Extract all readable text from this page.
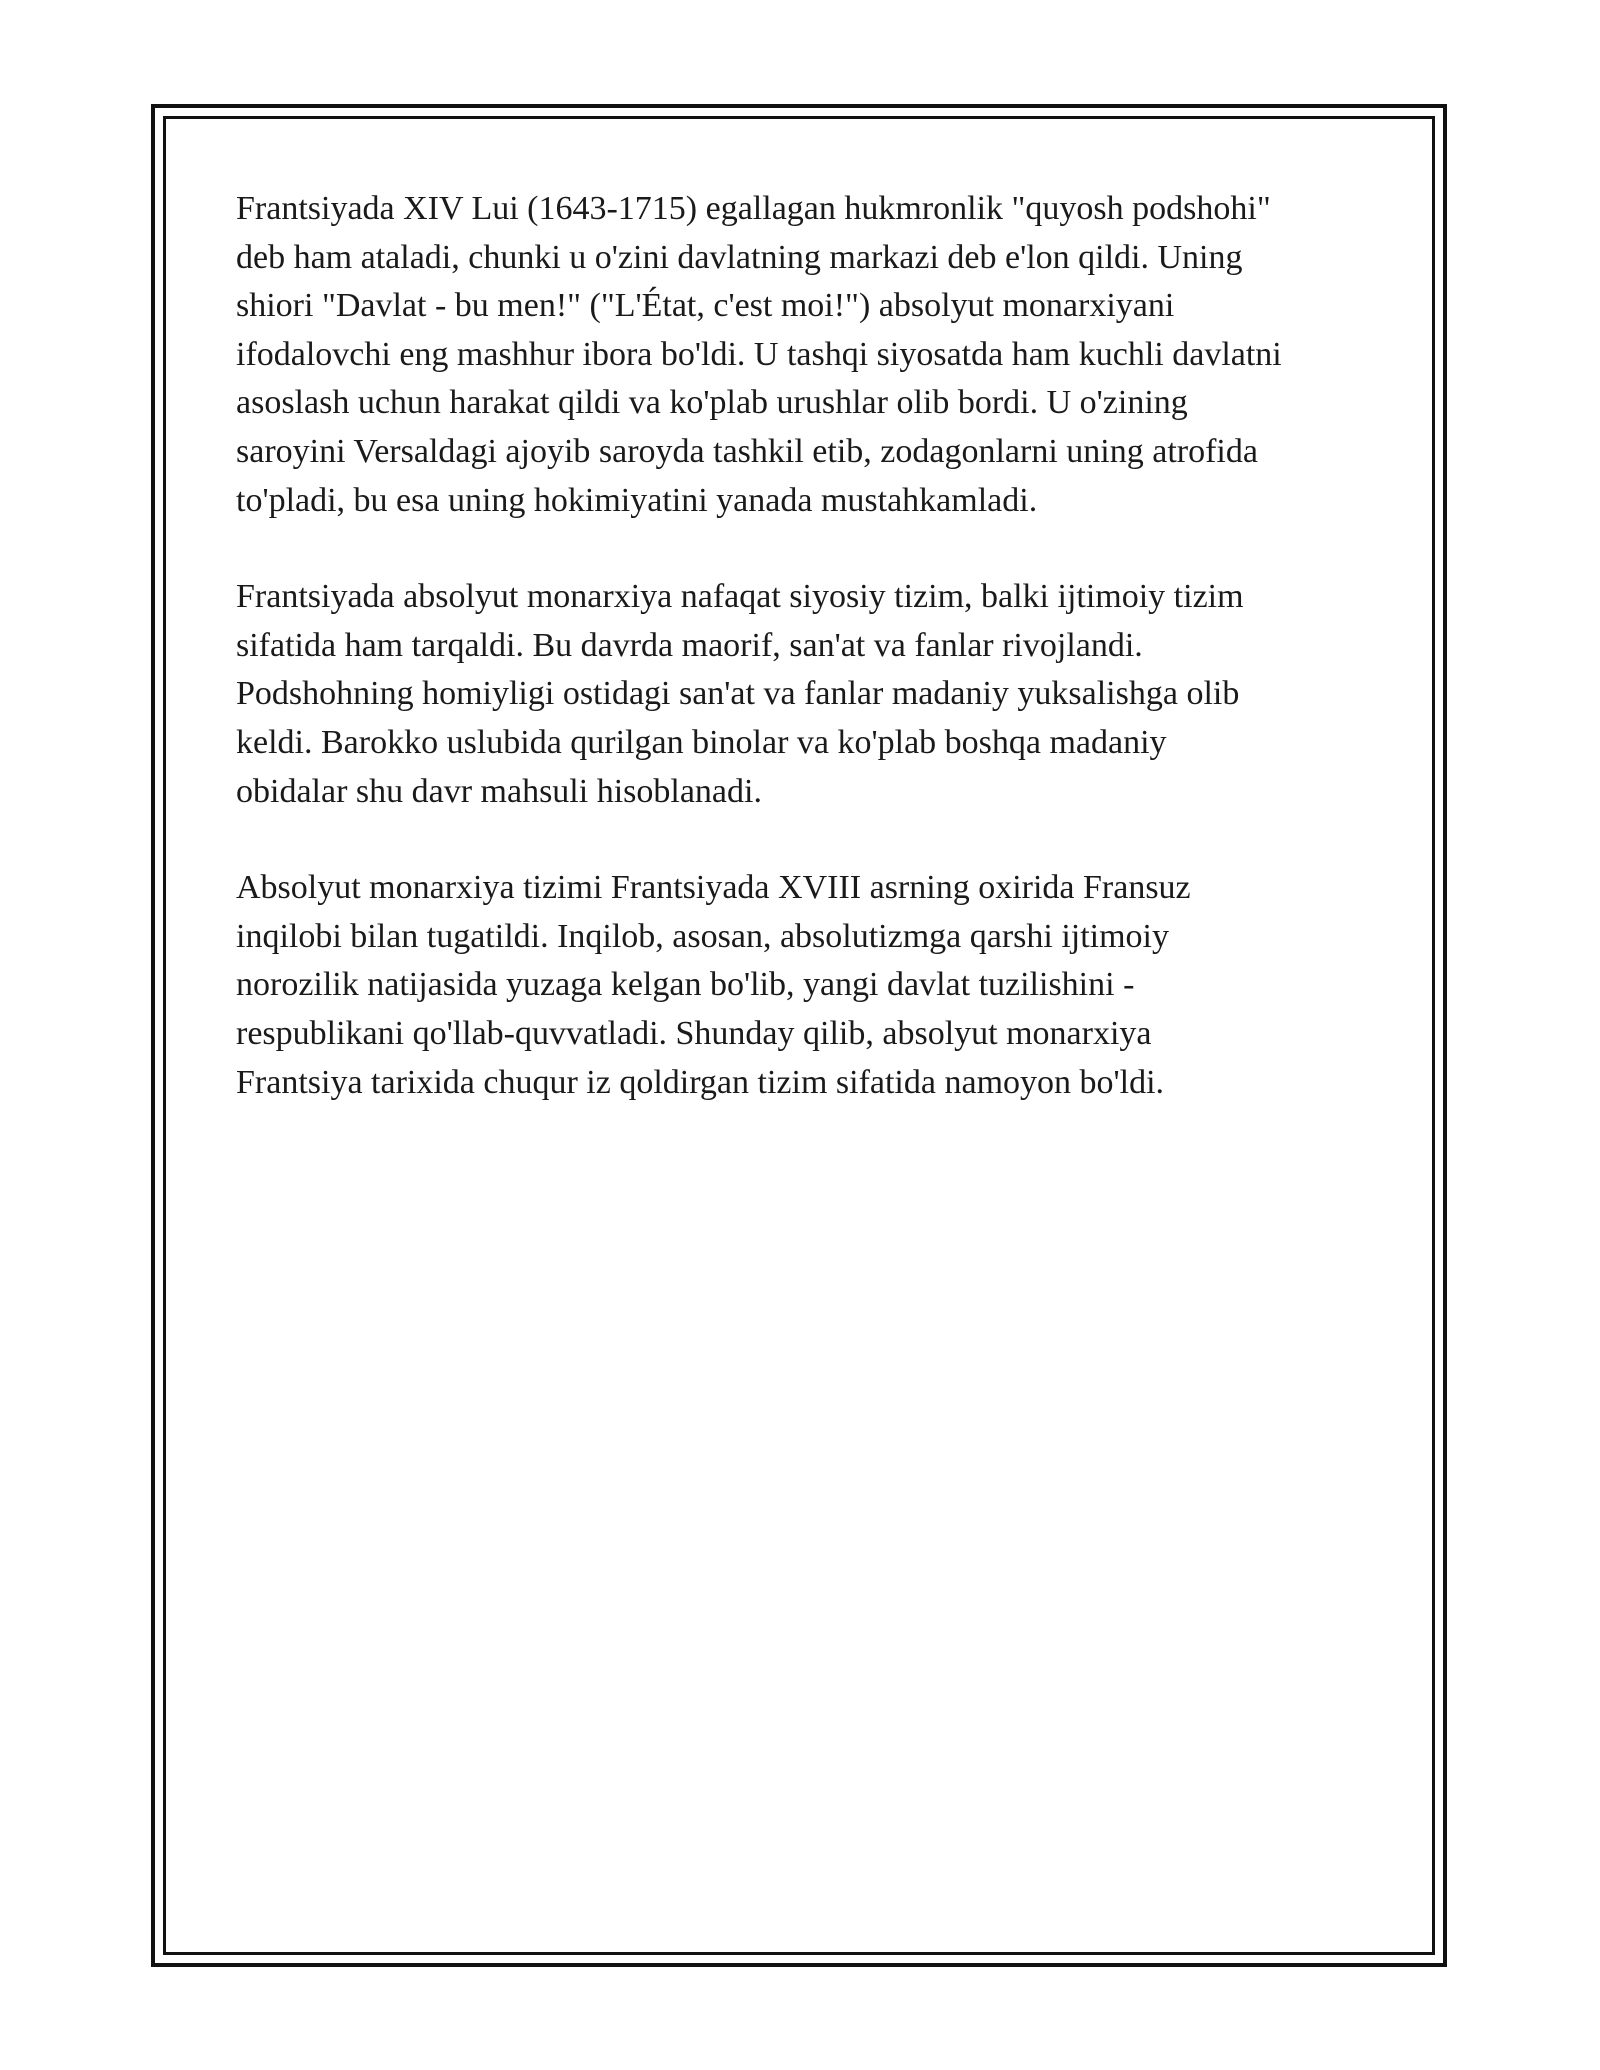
Frantsiyada XIV Lui (1643-1715) egallagan hukmronlik "quyosh podshohi"
deb ham ataladi, chunki u o'zini davlatning markazi deb e'lon qildi. Uning
shiori "Davlat - bu men!" ("L'État, c'est moi!") absolyut monarxiyani
ifodalovchi eng mashhur ibora bo'ldi. U tashqi siyosatda ham kuchli davlatni
asoslash uchun harakat qildi va ko'plab urushlar olib bordi. U o'zining
saroyini Versaldagi ajoyib saroyda tashkil etib, zodagonlarni uning atrofida
to'pladi, bu esa uning hokimiyatini yanada mustahkamladi.

Frantsiyada absolyut monarxiya nafaqat siyosiy tizim, balki ijtimoiy tizim
sifatida ham tarqaldi. Bu davrda maorif, san'at va fanlar rivojlandi.
Podshohning homiyligi ostidagi san'at va fanlar madaniy yuksalishga olib
keldi. Barokko uslubida qurilgan binolar va ko'plab boshqa madaniy
obidalar shu davr mahsuli hisoblanadi.

Absolyut monarxiya tizimi Frantsiyada XVIII asrning oxirida Fransuz
inqilobi bilan tugatildi. Inqilob, asosan, absolutizmga qarshi ijtimoiy
norozilik natijasida yuzaga kelgan bo'lib, yangi davlat tuzilishini -
respublikani qo'llab-quvvatladi. Shunday qilib, absolyut monarxiya
Frantsiya tarixida chuqur iz qoldirgan tizim sifatida namoyon bo'ldi.
